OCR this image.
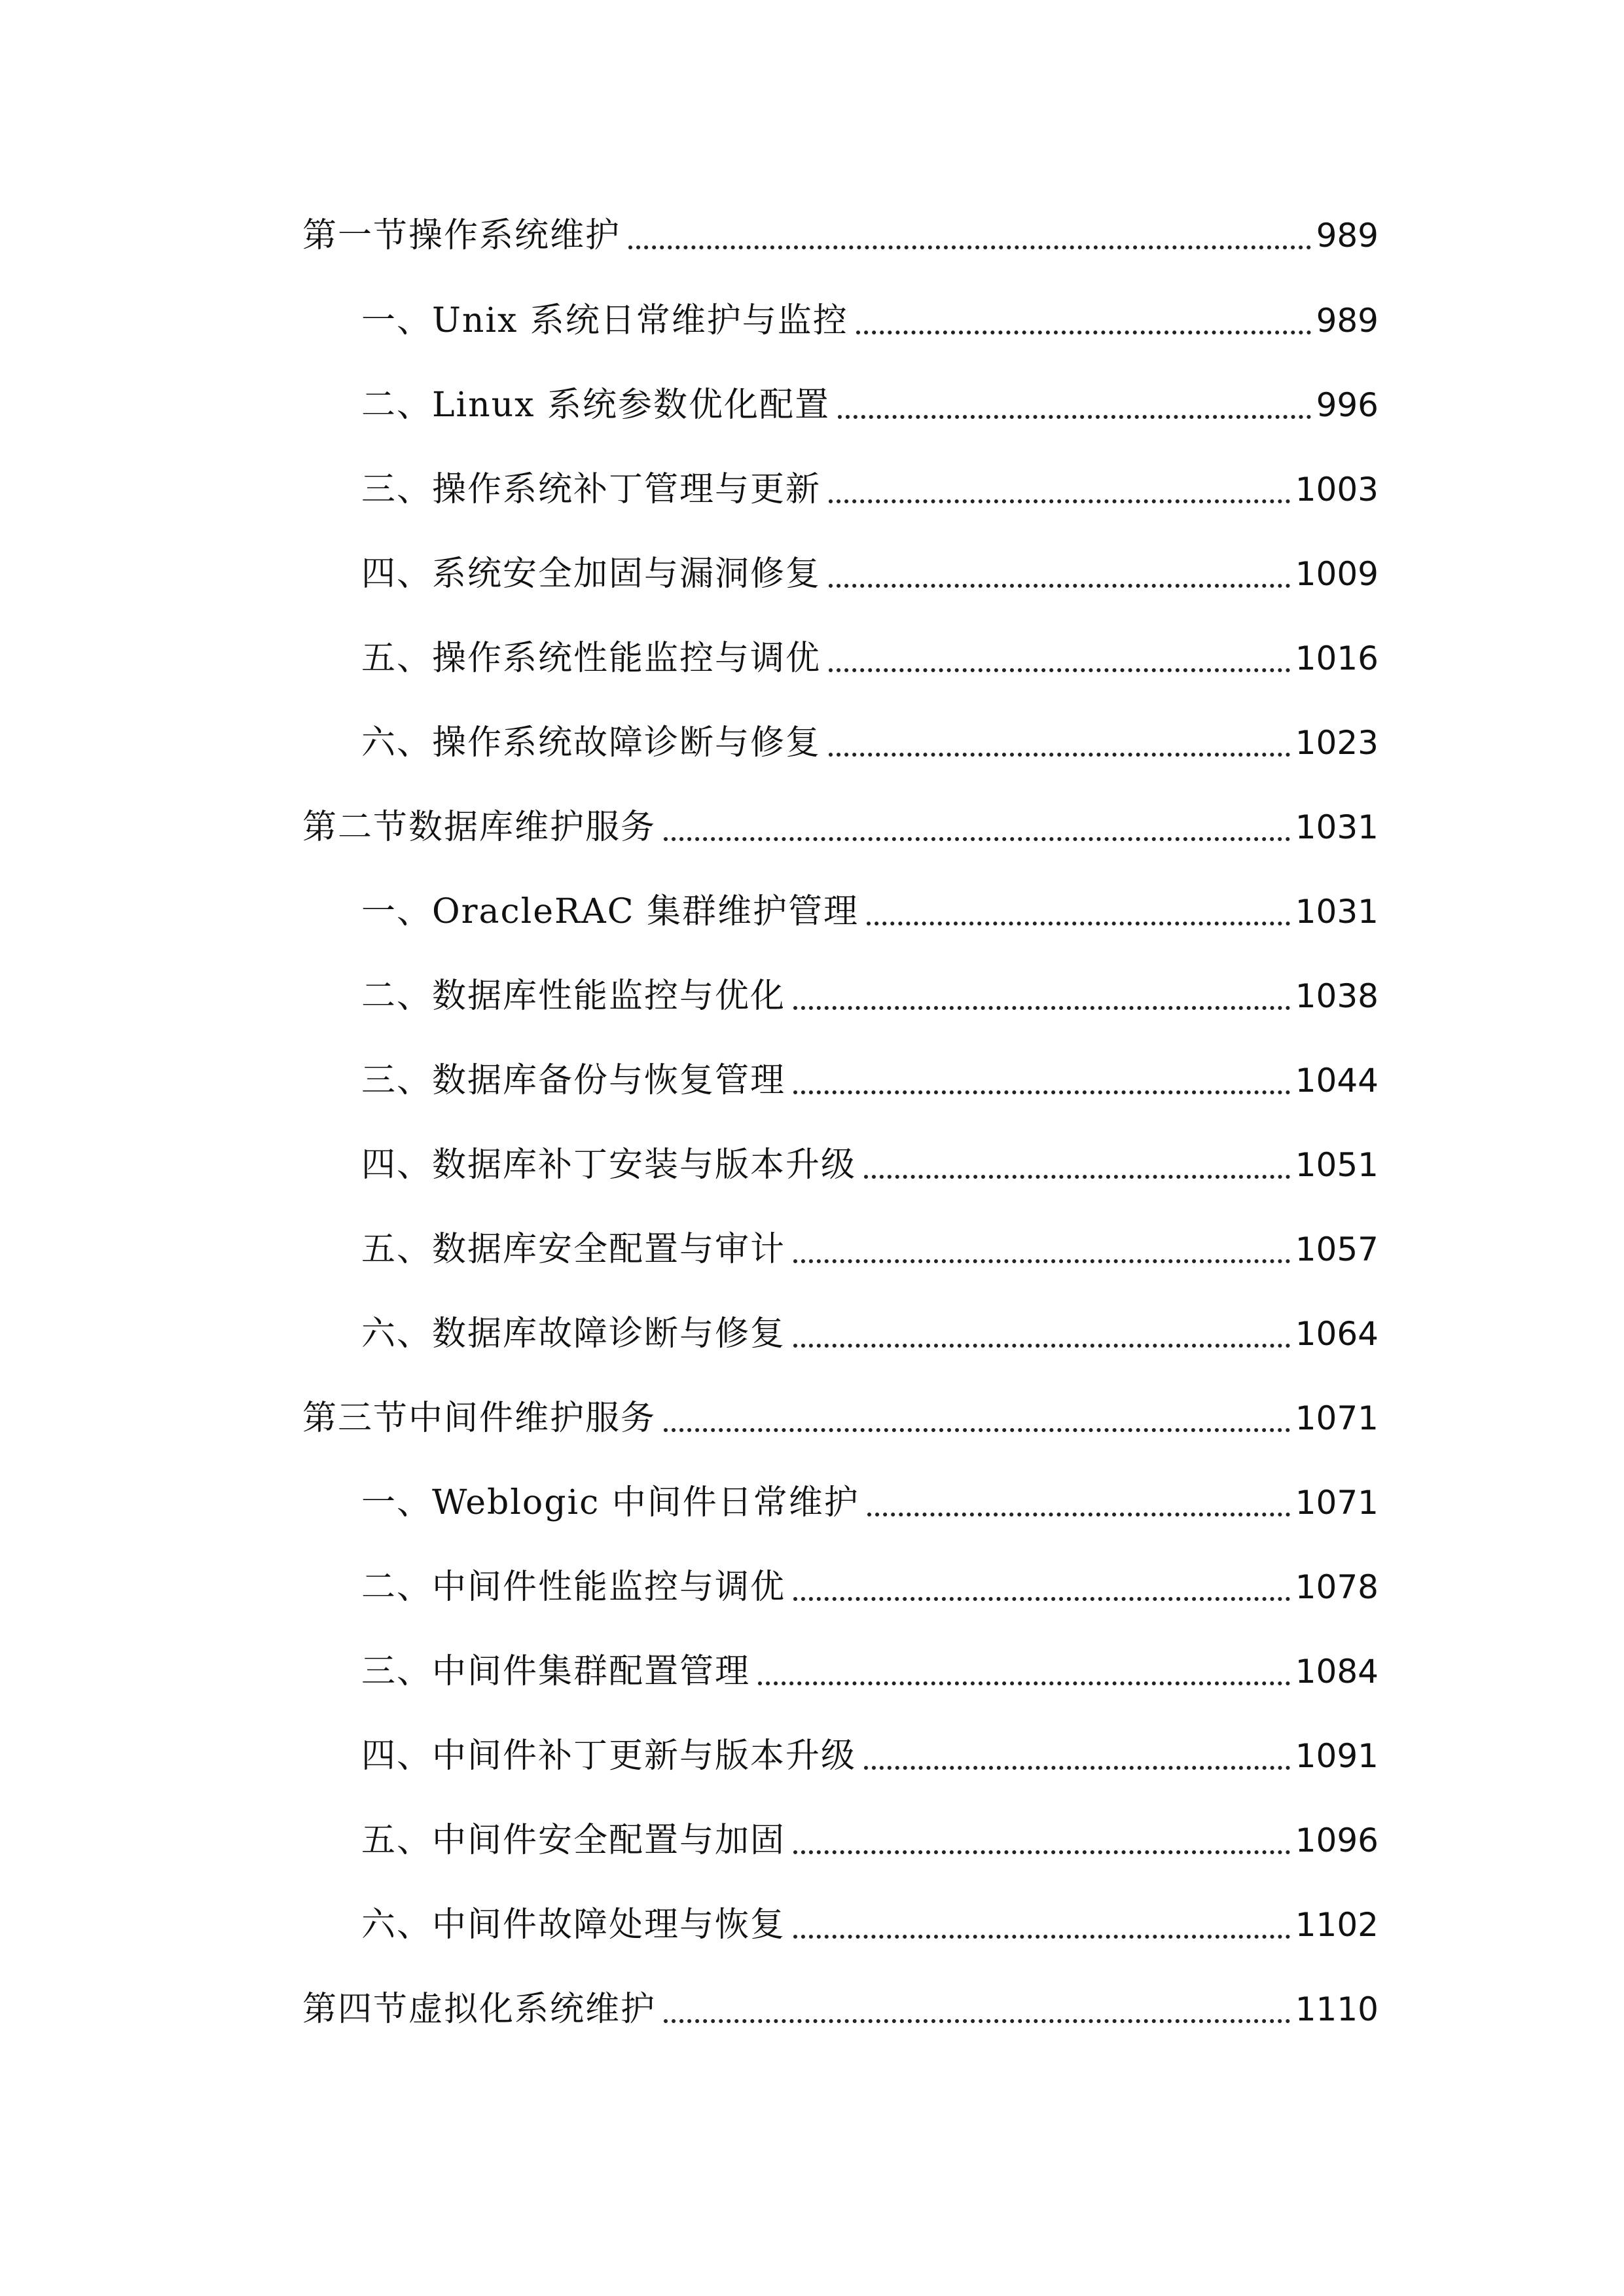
第一节操作系统维护	989
一、Unix 系统日常维护与监控	989
二、Linux 系统参数优化配置	996
三、操作系统补丁管理与更新	1003
四、系统安全加固与漏洞修复	1009
五、操作系统性能监控与调优	1016
六、操作系统故障诊断与修复	1023
第二节数据库维护服务	1031
一、OracleRAC 集群维护管理	1031
二、数据库性能监控与优化	1038
三、数据库备份与恢复管理	1044
四、数据库补丁安装与版本升级	1051
五、数据库安全配置与审计	1057
六、数据库故障诊断与修复	1064
第三节中间件维护服务	1071
一、Weblogic 中间件日常维护	1071
二、中间件性能监控与调优	1078
三、中间件集群配置管理	1084
四、中间件补丁更新与版本升级	1091
五、中间件安全配置与加固	1096
六、中间件故障处理与恢复	1102
第四节虚拟化系统维护	1110
